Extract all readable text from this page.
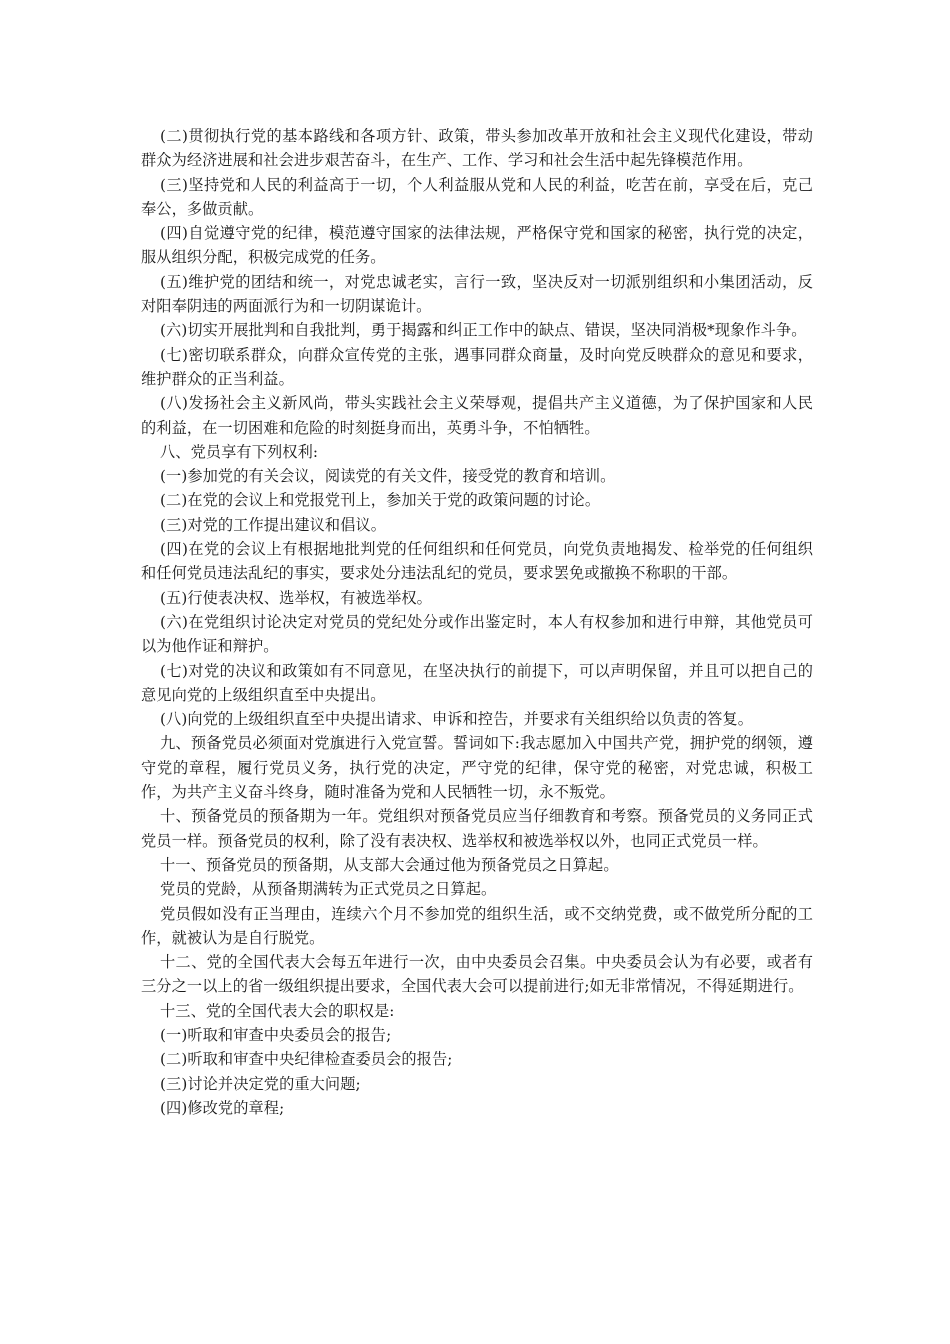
(二)贯彻执行党的基本路线和各项方针、政策，带头参加改革开放和社会主义现代化建设，带动群众为经济进展和社会进步艰苦奋斗，在生产、工作、学习和社会生活中起先锋模范作用。

(三)坚持党和人民的利益高于一切，个人利益服从党和人民的利益，吃苦在前，享受在后，克己奉公，多做贡献。

(四)自觉遵守党的纪律，模范遵守国家的法律法规，严格保守党和国家的秘密，执行党的决定，服从组织分配，积极完成党的任务。

(五)维护党的团结和统一，对党忠诚老实，言行一致，坚决反对一切派别组织和小集团活动，反对阳奉阴违的两面派行为和一切阴谋诡计。

(六)切实开展批判和自我批判，勇于揭露和纠正工作中的缺点、错误，坚决同消极*现象作斗争。

(七)密切联系群众，向群众宣传党的主张，遇事同群众商量，及时向党反映群众的意见和要求，维护群众的正当利益。

(八)发扬社会主义新风尚，带头实践社会主义荣辱观，提倡共产主义道德，为了保护国家和人民的利益，在一切困难和危险的时刻挺身而出，英勇斗争，不怕牺牲。

八、党员享有下列权利:

(一)参加党的有关会议，阅读党的有关文件，接受党的教育和培训。

(二)在党的会议上和党报党刊上，参加关于党的政策问题的讨论。

(三)对党的工作提出建议和倡议。

(四)在党的会议上有根据地批判党的任何组织和任何党员，向党负责地揭发、检举党的任何组织和任何党员违法乱纪的事实，要求处分违法乱纪的党员，要求罢免或撤换不称职的干部。

(五)行使表决权、选举权，有被选举权。

(六)在党组织讨论决定对党员的党纪处分或作出鉴定时，本人有权参加和进行申辩，其他党员可以为他作证和辩护。

(七)对党的决议和政策如有不同意见，在坚决执行的前提下，可以声明保留，并且可以把自己的意见向党的上级组织直至中央提出。

(八)向党的上级组织直至中央提出请求、申诉和控告，并要求有关组织给以负责的答复。

九、预备党员必须面对党旗进行入党宣誓。誓词如下:我志愿加入中国共产党，拥护党的纲领，遵守党的章程，履行党员义务，执行党的决定，严守党的纪律，保守党的秘密，对党忠诚，积极工作，为共产主义奋斗终身，随时准备为党和人民牺牲一切，永不叛党。

十、预备党员的预备期为一年。党组织对预备党员应当仔细教育和考察。预备党员的义务同正式党员一样。预备党员的权利，除了没有表决权、选举权和被选举权以外，也同正式党员一样。

十一、预备党员的预备期，从支部大会通过他为预备党员之日算起。

党员的党龄，从预备期满转为正式党员之日算起。

党员假如没有正当理由，连续六个月不参加党的组织生活，或不交纳党费，或不做党所分配的工作，就被认为是自行脱党。

十二、党的全国代表大会每五年进行一次，由中央委员会召集。中央委员会认为有必要，或者有三分之一以上的省一级组织提出要求，全国代表大会可以提前进行;如无非常情况，不得延期进行。

十三、党的全国代表大会的职权是:

(一)听取和审查中央委员会的报告;

(二)听取和审查中央纪律检查委员会的报告;

(三)讨论并决定党的重大问题;

(四)修改党的章程;
